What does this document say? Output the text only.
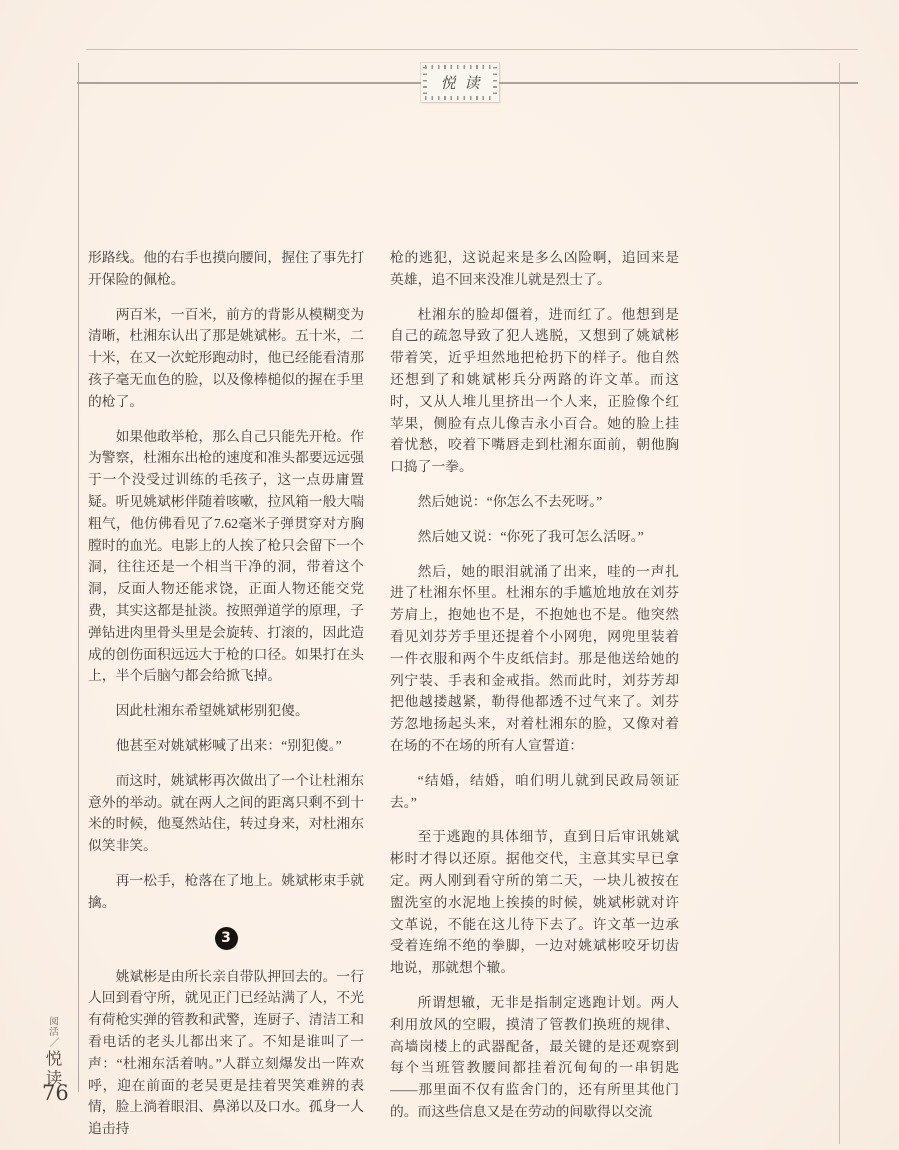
悦读

形路线。他的右手也摸向腰间，握住了事先打开保险的佩枪。

两百米，一百米，前方的背影从模糊变为清晰，杜湘东认出了那是姚斌彬。五十米，二十米，在又一次蛇形跑动时，他已经能看清那孩子毫无血色的脸，以及像棒槌似的握在手里的枪了。

如果他敢举枪，那么自己只能先开枪。作为警察，杜湘东出枪的速度和准头都要远远强于一个没受过训练的毛孩子，这一点毋庸置疑。听见姚斌彬伴随着咳嗽，拉风箱一般大喘粗气，他仿佛看见了7.62毫米子弹贯穿对方胸膛时的血光。电影上的人挨了枪只会留下一个洞，往往还是一个相当干净的洞，带着这个洞，反面人物还能求饶，正面人物还能交党费，其实这都是扯淡。按照弹道学的原理，子弹钻进肉里骨头里是会旋转、打滚的，因此造成的创伤面积远远大于枪的口径。如果打在头上，半个后脑勺都会给掀飞掉。

因此杜湘东希望姚斌彬别犯傻。

他甚至对姚斌彬喊了出来：“别犯傻。”

而这时，姚斌彬再次做出了一个让杜湘东意外的举动。就在两人之间的距离只剩不到十米的时候，他戛然站住，转过身来，对杜湘东似笑非笑。

再一松手，枪落在了地上。姚斌彬束手就擒。

3

姚斌彬是由所长亲自带队押回去的。一行人回到看守所，就见正门已经站满了人，不光有荷枪实弹的管教和武警，连厨子、清洁工和看电话的老头儿都出来了。不知是谁叫了一声：“杜湘东活着呐。”人群立刻爆发出一阵欢呼，迎在前面的老吴更是挂着哭笑难辨的表情，脸上淌着眼泪、鼻涕以及口水。孤身一人追击持

枪的逃犯，这说起来是多么凶险啊，追回来是英雄，追不回来没准儿就是烈士了。

杜湘东的脸却僵着，进而红了。他想到是自己的疏忽导致了犯人逃脱，又想到了姚斌彬带着笑，近乎坦然地把枪扔下的样子。他自然还想到了和姚斌彬兵分两路的许文革。而这时，又从人堆儿里挤出一个人来，正脸像个红苹果，侧脸有点儿像吉永小百合。她的脸上挂着忧愁，咬着下嘴唇走到杜湘东面前，朝他胸口捣了一拳。

然后她说：“你怎么不去死呀。”

然后她又说：“你死了我可怎么活呀。”

然后，她的眼泪就涌了出来，哇的一声扎进了杜湘东怀里。杜湘东的手尴尬地放在刘芬芳肩上，抱她也不是，不抱她也不是。他突然看见刘芬芳手里还提着个小网兜，网兜里装着一件衣服和两个牛皮纸信封。那是他送给她的列宁装、手表和金戒指。然而此时，刘芬芳却把他越搂越紧，勒得他都透不过气来了。刘芬芳忽地扬起头来，对着杜湘东的脸，又像对着在场的不在场的所有人宣誓道：

“结婚，结婚，咱们明儿就到民政局领证去。”

至于逃跑的具体细节，直到日后审讯姚斌彬时才得以还原。据他交代，主意其实早已拿定。两人刚到看守所的第二天，一块儿被按在盥洗室的水泥地上挨揍的时候，姚斌彬就对许文革说，不能在这儿待下去了。许文革一边承受着连绵不绝的拳脚，一边对姚斌彬咬牙切齿地说，那就想个辙。

所谓想辙，无非是指制定逃跑计划。两人利用放风的空暇，摸清了管教们换班的规律、高墙岗楼上的武器配备，最关键的是还观察到每个当班管教腰间都挂着沉甸甸的一串钥匙——那里面不仅有监舍门的，还有所里其他门的。而这些信息又是在劳动的间歇得以交流

阅活／悦读
76
